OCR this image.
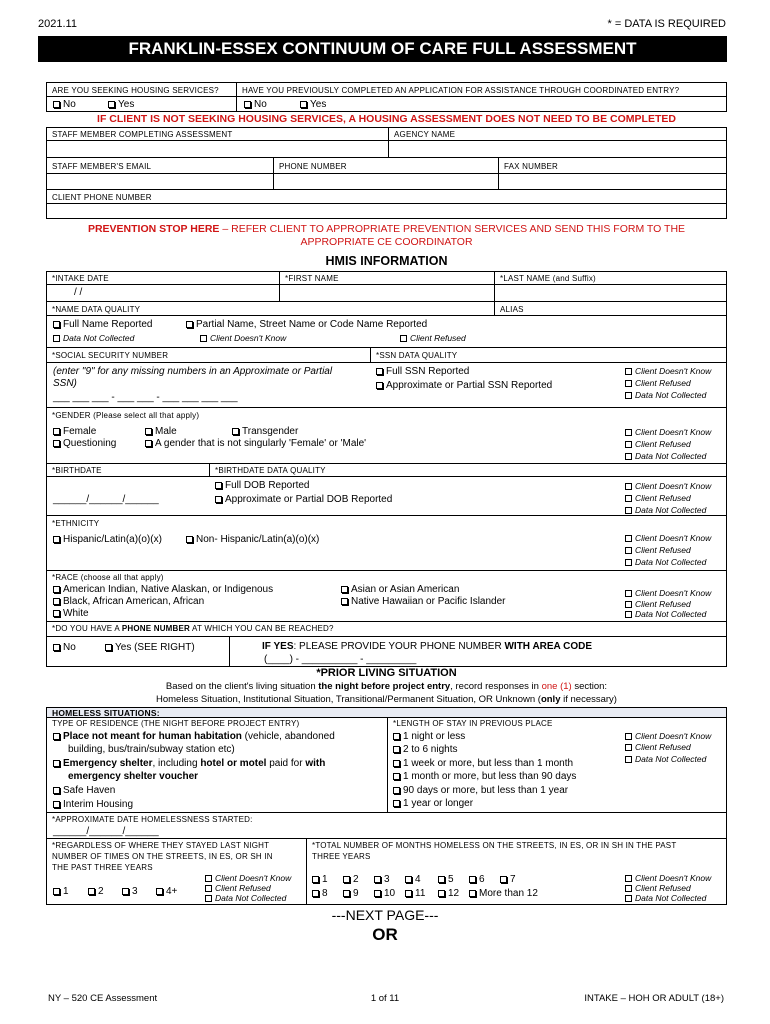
2021.11	* = DATA IS REQUIRED
FRANKLIN-ESSEX CONTINUUM OF CARE FULL ASSESSMENT
ARE YOU SEEKING HOUSING SERVICES?	HAVE YOU PREVIOUSLY COMPLETED AN APPLICATION FOR ASSISTANCE THROUGH COORDINATED ENTRY?
No	Yes	No	Yes
IF CLIENT IS NOT SEEKING HOUSING SERVICES, A HOUSING ASSESSMENT DOES NOT NEED TO BE COMPLETED
STAFF MEMBER COMPLETING ASSESSMENT	AGENCY NAME
STAFF MEMBER'S EMAIL	PHONE NUMBER	FAX NUMBER
CLIENT PHONE NUMBER
PREVENTION STOP HERE – REFER CLIENT TO APPROPRIATE PREVENTION SERVICES AND SEND THIS FORM TO THE
APPROPRIATE CE COORDINATOR
HMIS INFORMATION
*INTAKE DATE	*FIRST NAME	*LAST NAME (and Suffix)
/ /
*NAME DATA QUALITY	ALIAS
Full Name Reported	Partial Name, Street Name or Code Name Reported
Data Not Collected	Client Doesn't Know	Client Refused
*SOCIAL SECURITY NUMBER	*SSN DATA QUALITY
(enter "9" for any missing numbers in an Approximate or Partial
SSN)
___ ___ ___ - ___ ___ - ___ ___ ___ ___
Full SSN Reported
Approximate or Partial SSN Reported
Client Doesn't Know
Client Refused
Data Not Collected
*GENDER (Please select all that apply)
Female	Male	Transgender
Questioning	A gender that is not singularly 'Female' or 'Male'
Client Doesn't Know
Client Refused
Data Not Collected
*BIRTHDATE	*BIRTHDATE DATA QUALITY
______/______/______
Full DOB Reported
Approximate or Partial DOB Reported
Client Doesn't Know
Client Refused
Data Not Collected
*ETHNICITY
Hispanic/Latin(a)(o)(x)	Non- Hispanic/Latin(a)(o)(x)	Client Doesn't Know
Client Refused
Data Not Collected
*RACE (choose all that apply)
American Indian, Native Alaskan, or Indigenous
Black, African American, African
White
Asian or Asian American
Native Hawaiian or Pacific Islander
Client Doesn't Know
Client Refused
Data Not Collected
*DO YOU HAVE A PHONE NUMBER AT WHICH YOU CAN BE REACHED?
No	Yes (SEE RIGHT)	IF YES: PLEASE PROVIDE YOUR PHONE NUMBER WITH AREA CODE
(____) - __________ - _________
*PRIOR LIVING SITUATION
Based on the client's living situation the night before project entry, record responses in one (1) section:
Homeless Situation, Institutional Situation, Transitional/Permanent Situation, OR Unknown (only if necessary)
HOMELESS SITUATIONS:
TYPE OF RESIDENCE (THE NIGHT BEFORE PROJECT ENTRY)	*LENGTH OF STAY IN PREVIOUS PLACE
Place not meant for human habitation (vehicle, abandoned
building, bus/train/subway station etc)
Emergency shelter, including hotel or motel paid for with
emergency shelter voucher
Safe Haven
Interim Housing
1 night or less
2 to 6 nights
1 week or more, but less than 1 month
1 month or more, but less than 90 days
90 days or more, but less than 1 year
1 year or longer
Client Doesn't Know
Client Refused
Data Not Collected
*APPROXIMATE DATE HOMELESSNESS STARTED:
______/______/______
*REGARDLESS OF WHERE THEY STAYED LAST NIGHT
NUMBER OF TIMES ON THE STREETS, IN ES, OR SH IN
THE PAST THREE YEARS
1	2	3	4+
Client Doesn't Know
Client Refused
Data Not Collected
*TOTAL NUMBER OF MONTHS HOMELESS ON THE STREETS, IN ES, OR IN SH IN THE PAST
THREE YEARS
1	2	3	4	5	6	7
8	9	10	11	12	More than 12
Client Doesn't Know
Client Refused
Data Not Collected
---NEXT PAGE---
OR
NY – 520 CE Assessment	1 of 11	INTAKE – HOH OR ADULT (18+)
